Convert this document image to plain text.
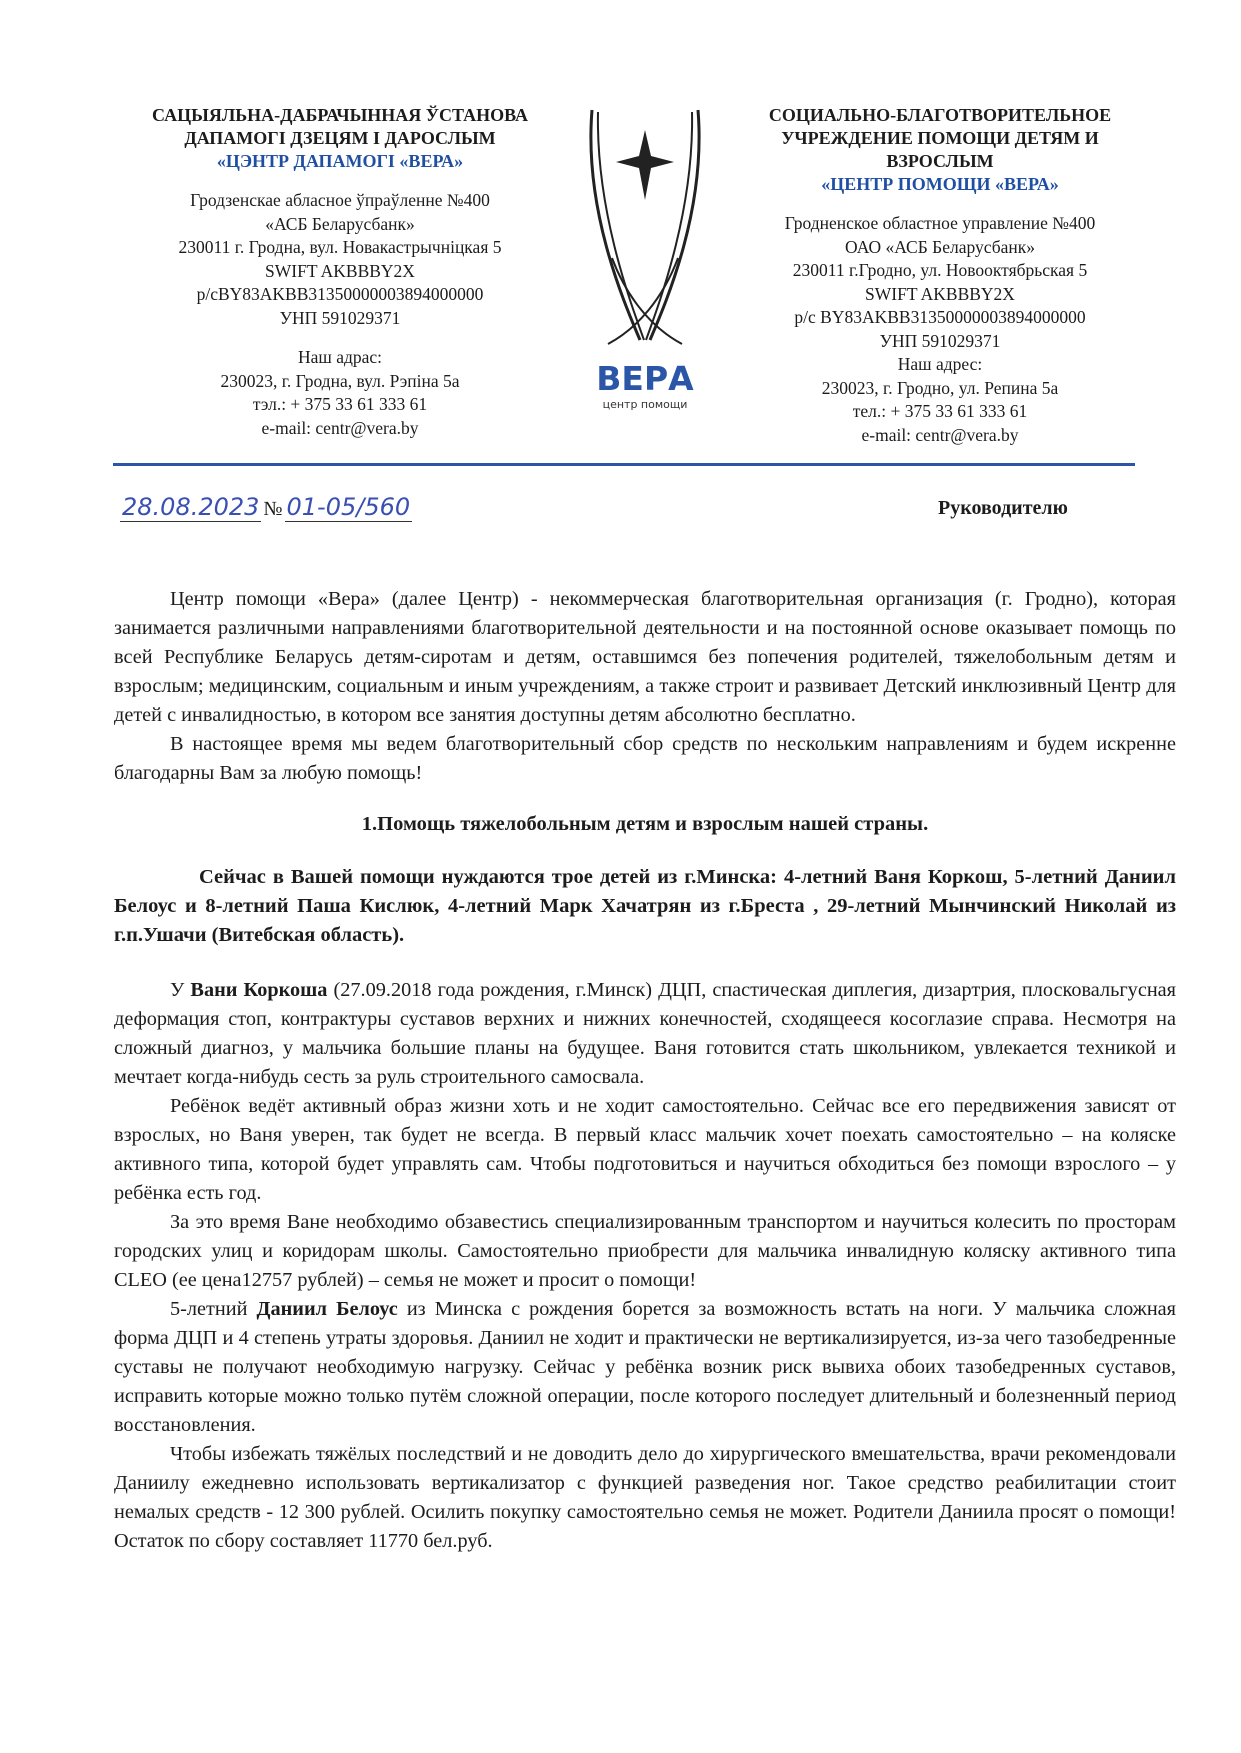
САЦЫЯЛЬНА-ДАБРАЧЫННАЯ ЎСТАНОВА
ДАПАМОГІ ДЗЕЦЯМ І ДАРОСЛЫМ
«ЦЭНТР ДАПАМОГІ «ВЕРА»
Гродзенскае абласное ўпраўленне №400
«АСБ Беларусбанк»
230011 г. Гродна, вул. Новакастрычніцкая 5
SWIFT AKBBBY2X
р/сBY83AKBB31350000003894000000
УНП 591029371
Наш адрас:
230023, г. Гродна, вул. Рэпіна 5а
тэл.: + 375 33 61 333 61
e-mail: centr@vera.by
ВЕРА
центр помощи
СОЦИАЛЬНО-БЛАГОТВОРИТЕЛЬНОЕ
УЧРЕЖДЕНИЕ ПОМОЩИ ДЕТЯМ И
ВЗРОСЛЫМ
«ЦЕНТР ПОМОЩИ «ВЕРА»
Гродненское областное управление №400
ОАО «АСБ Беларусбанк»
230011 г.Гродно, ул. Новооктябрьская 5
SWIFT AKBBBY2X
р/с BY83AKBB31350000003894000000
УНП 591029371
Наш адрес:
230023, г. Гродно, ул. Репина 5а
тел.: + 375 33 61 333 61
e-mail: centr@vera.by
28.08.2023 № 01-05/560	Руководителю

Центр помощи «Вера» (далее Центр) - некоммерческая благотворительная организация (г. Гродно), которая занимается различными направлениями благотворительной деятельности и на постоянной основе оказывает помощь по всей Республике Беларусь детям-сиротам и детям, оставшимся без попечения родителей, тяжелобольным детям и взрослым; медицинским, социальным и иным учреждениям, а также строит и развивает Детский инклюзивный Центр для детей с инвалидностью, в котором все занятия доступны детям абсолютно бесплатно.

В настоящее время мы ведем благотворительный сбор средств по нескольким направлениям и будем искренне благодарны Вам за любую помощь!

1.Помощь тяжелобольным детям и взрослым нашей страны.

Сейчас в Вашей помощи нуждаются трое детей из г.Минска: 4-летний Ваня Коркош, 5-летний Даниил Белоус и 8-летний Паша Кислюк, 4-летний Марк Хачатрян из г.Бреста , 29-летний Мынчинский Николай из г.п.Ушачи (Витебская область).

У Вани Коркоша (27.09.2018 года рождения, г.Минск) ДЦП, спастическая диплегия, дизартрия, плосковальгусная деформация стоп, контрактуры суставов верхних и нижних конечностей, сходящееся косоглазие справа. Несмотря на сложный диагноз, у мальчика большие планы на будущее. Ваня готовится стать школьником, увлекается техникой и мечтает когда-нибудь сесть за руль строительного самосвала.

Ребёнок ведёт активный образ жизни хоть и не ходит самостоятельно. Сейчас все его передвижения зависят от взрослых, но Ваня уверен, так будет не всегда. В первый класс мальчик хочет поехать самостоятельно – на коляске активного типа, которой будет управлять сам. Чтобы подготовиться и научиться обходиться без помощи взрослого – у ребёнка есть год.

За это время Ване необходимо обзавестись специализированным транспортом и научиться колесить по просторам городских улиц и коридорам школы. Самостоятельно приобрести для мальчика инвалидную коляску активного типа CLEO (ее цена12757 рублей) – семья не может и просит о помощи!

5-летний Даниил Белоус из Минска с рождения борется за возможность встать на ноги. У мальчика сложная форма ДЦП и 4 степень утраты здоровья. Даниил не ходит и практически не вертикализируется, из-за чего тазобедренные суставы не получают необходимую нагрузку. Сейчас у ребёнка возник риск вывиха обоих тазобедренных суставов, исправить которые можно только путём сложной операции, после которого последует длительный и болезненный период восстановления.

Чтобы избежать тяжёлых последствий и не доводить дело до хирургического вмешательства, врачи рекомендовали Даниилу ежедневно использовать вертикализатор с функцией разведения ног. Такое средство реабилитации стоит немалых средств - 12 300 рублей. Осилить покупку самостоятельно семья не может. Родители Даниила просят о помощи! Остаток по сбору составляет 11770 бел.руб.
